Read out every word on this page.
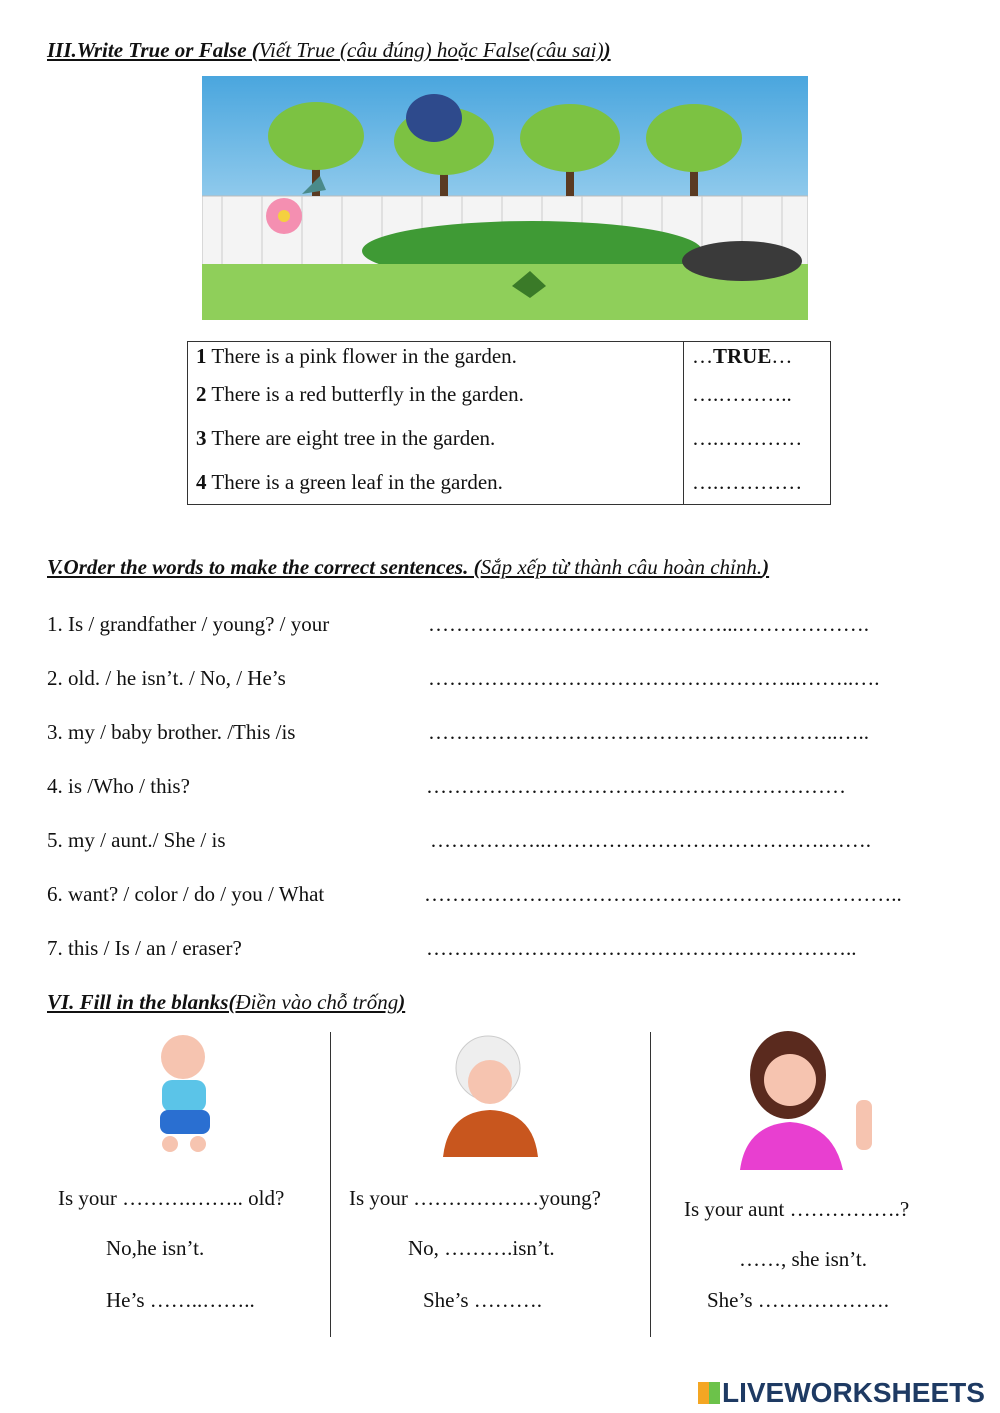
III.Write True or False (Viết True (câu đúng) hoặc False(câu sai))
1 There is a pink flower in the garden.	…TRUE…
2 There is a red butterfly in the garden.	….………..
3 There are eight tree in the garden.	….…………
4 There is a green leaf in the garden.	….…………
V.Order the words to make the correct sentences. (Sắp xếp từ thành câu hoàn chỉnh.)
1. Is / grandfather / young? / your	……………………………………...……………….
2. old. / he isn’t. / No, / He’s	……………………………………………...……..….
3. my / baby brother. /This /is	…………………………………………………..…..
4. is /Who / this?	……………………………………………………
5. my / aunt./ She / is	……………..………………………………….…….
6. want? / color / do / you / What	……………………………………………….…………..
7. this / Is / an / eraser?	……………………………………………………..
VI. Fill in the blanks(Điền vào chỗ trống)
Is your ……….…….. old?
No,he isn’t.
He’s ……..……..
Is your ………………young?
No, ……….isn’t.
She’s ……….
Is your aunt …………….?
……, she isn’t.
She’s ……………….
LIVEWORKSHEETS
